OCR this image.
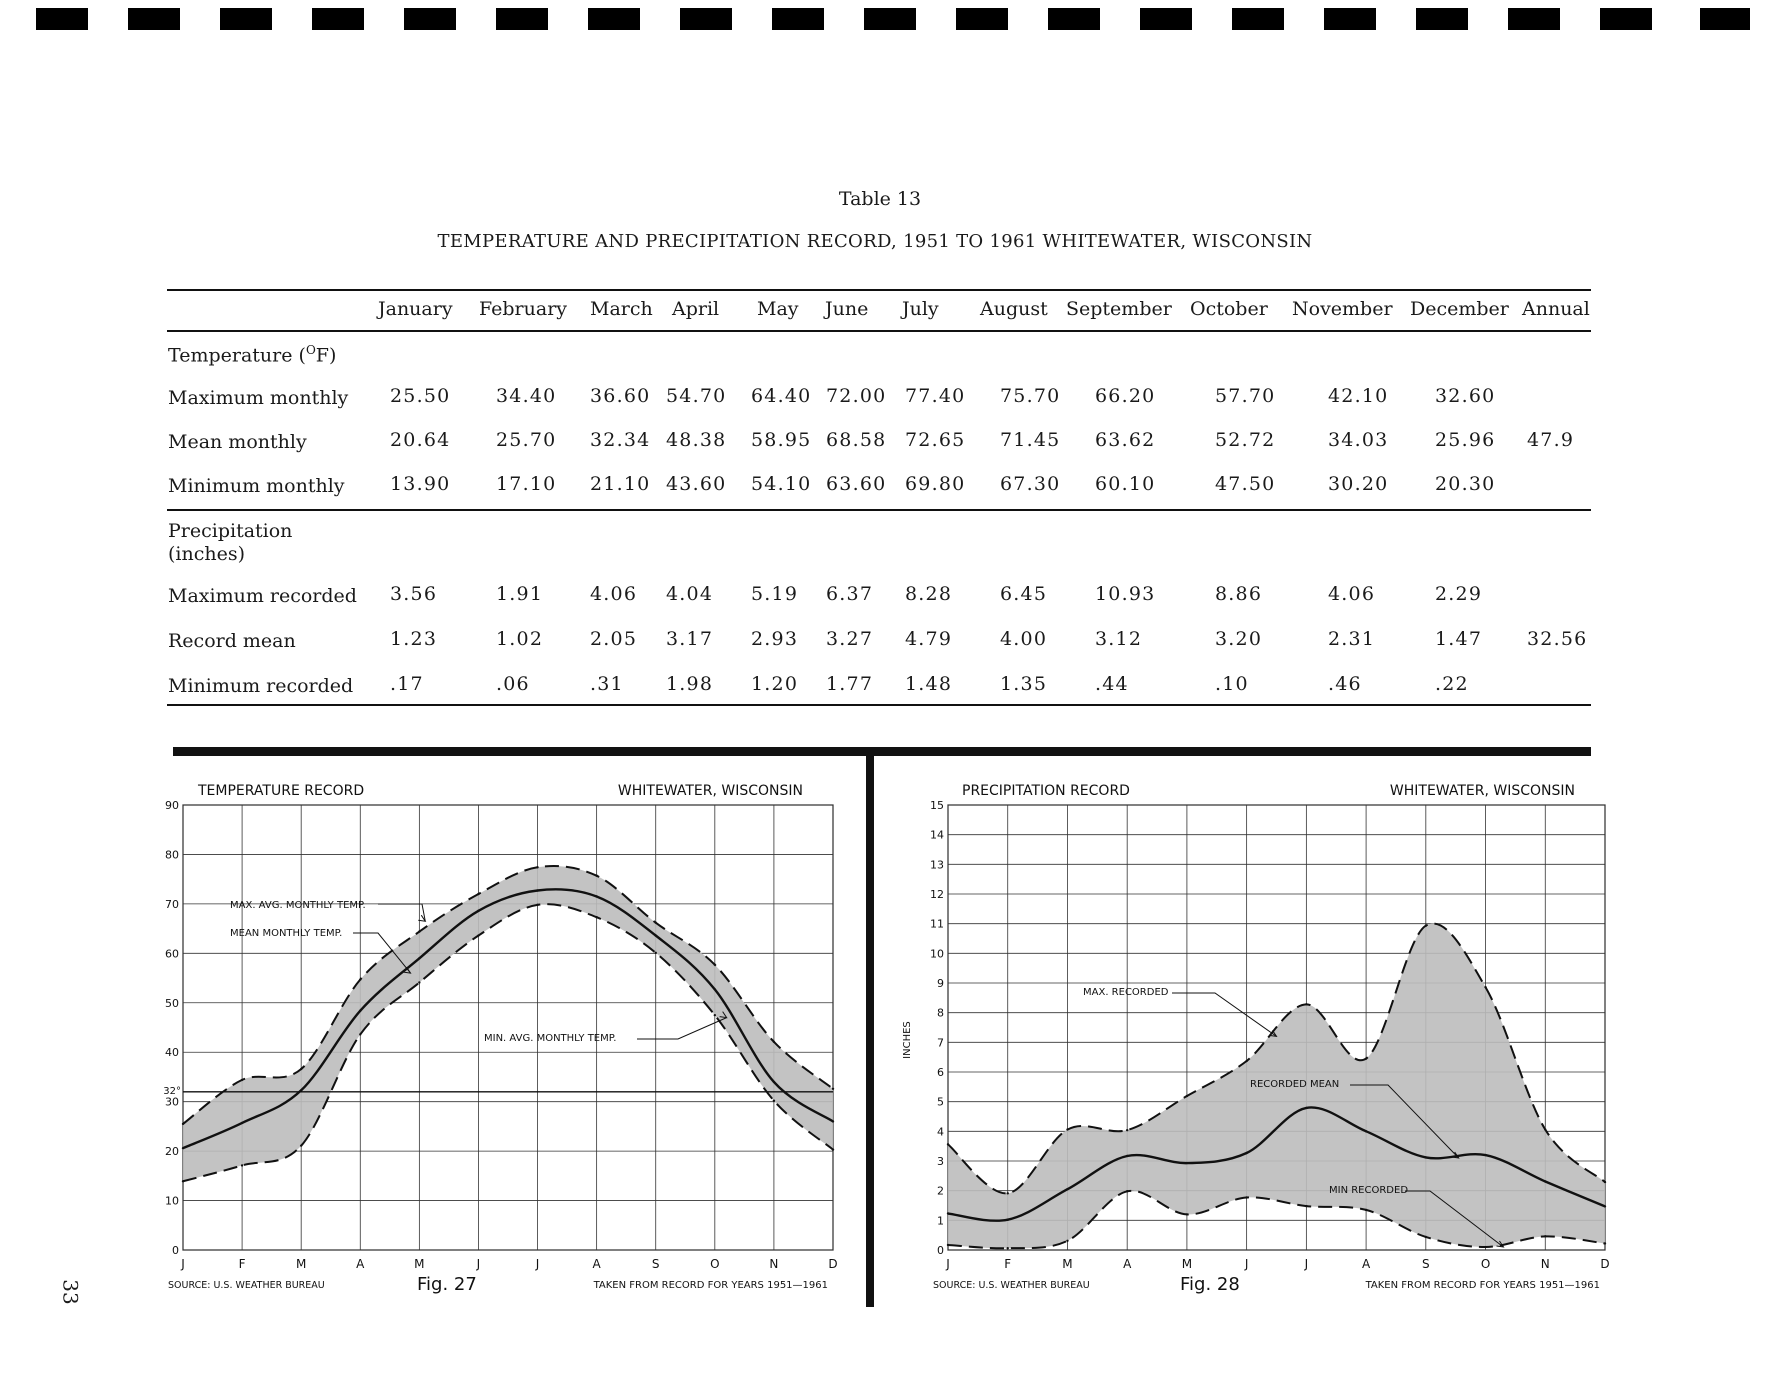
Table 13
TEMPERATURE AND PRECIPITATION RECORD, 1951 TO 1961 WHITEWATER, WISCONSIN
January February March April May June July August September October November December Annual
Maximum monthly 25.50 34.40 36.60 54.70 64.40 72.00 77.40 75.70 66.20	57.70	42.10 32.60
Mean monthly	20.64 25.70 32.34 48.38 58.95 68.58 72.65 71.45 63.62	52.72	34.03 25.96 47.9
Minimum monthly 13.90 17.10 21.10 43.60 54.10 63.60 69.80 67.30 60.10	47.50	30.20 20.30
Maximum recorded 3.56	1.91 4.06 4.04 5.19 6.37 8.28	6.45	10.93	8.86	4.06	2.29
Record mean	1.23	1.02 2.05 3.17 2.93 3.27 4.79	4.00	3.12	3.20	2.31	1.47 32.56
Minimum recorded .17	.06	.31 1.98 1.20 1.77 1.48	1.35	.44	.10	.46	.22
Temperature ($^O$F)
Precipitation
(inches)
0
10
20
30
40
50
60
70
80
90
J	F	M	A	M	J	J	A	S	O	N	D
TEMPERATURE RECORD	WHITEWATER, WISCONSIN
SOURCE: U.S. WEATHER BUREAU	Fig. 27	TAKEN FROM RECORD FOR YEARS 1951—1961
32°
MAX. AVG. MONTHLY TEMP.
MEAN MONTHLY TEMP.
MIN. AVG. MONTHLY TEMP.
0
1
2
3
4
5
6
7
8
9
10
11
12
13
14
15
J	F	M	A	M	J	J	A	S	O	N	D
PRECIPITATION RECORD	WHITEWATER, WISCONSIN
SOURCE: U.S. WEATHER BUREAU	Fig. 28	TAKEN FROM RECORD FOR YEARS 1951—1961
INCHES
MAX. RECORDED
RECORDED MEAN
MIN RECORDED
33
